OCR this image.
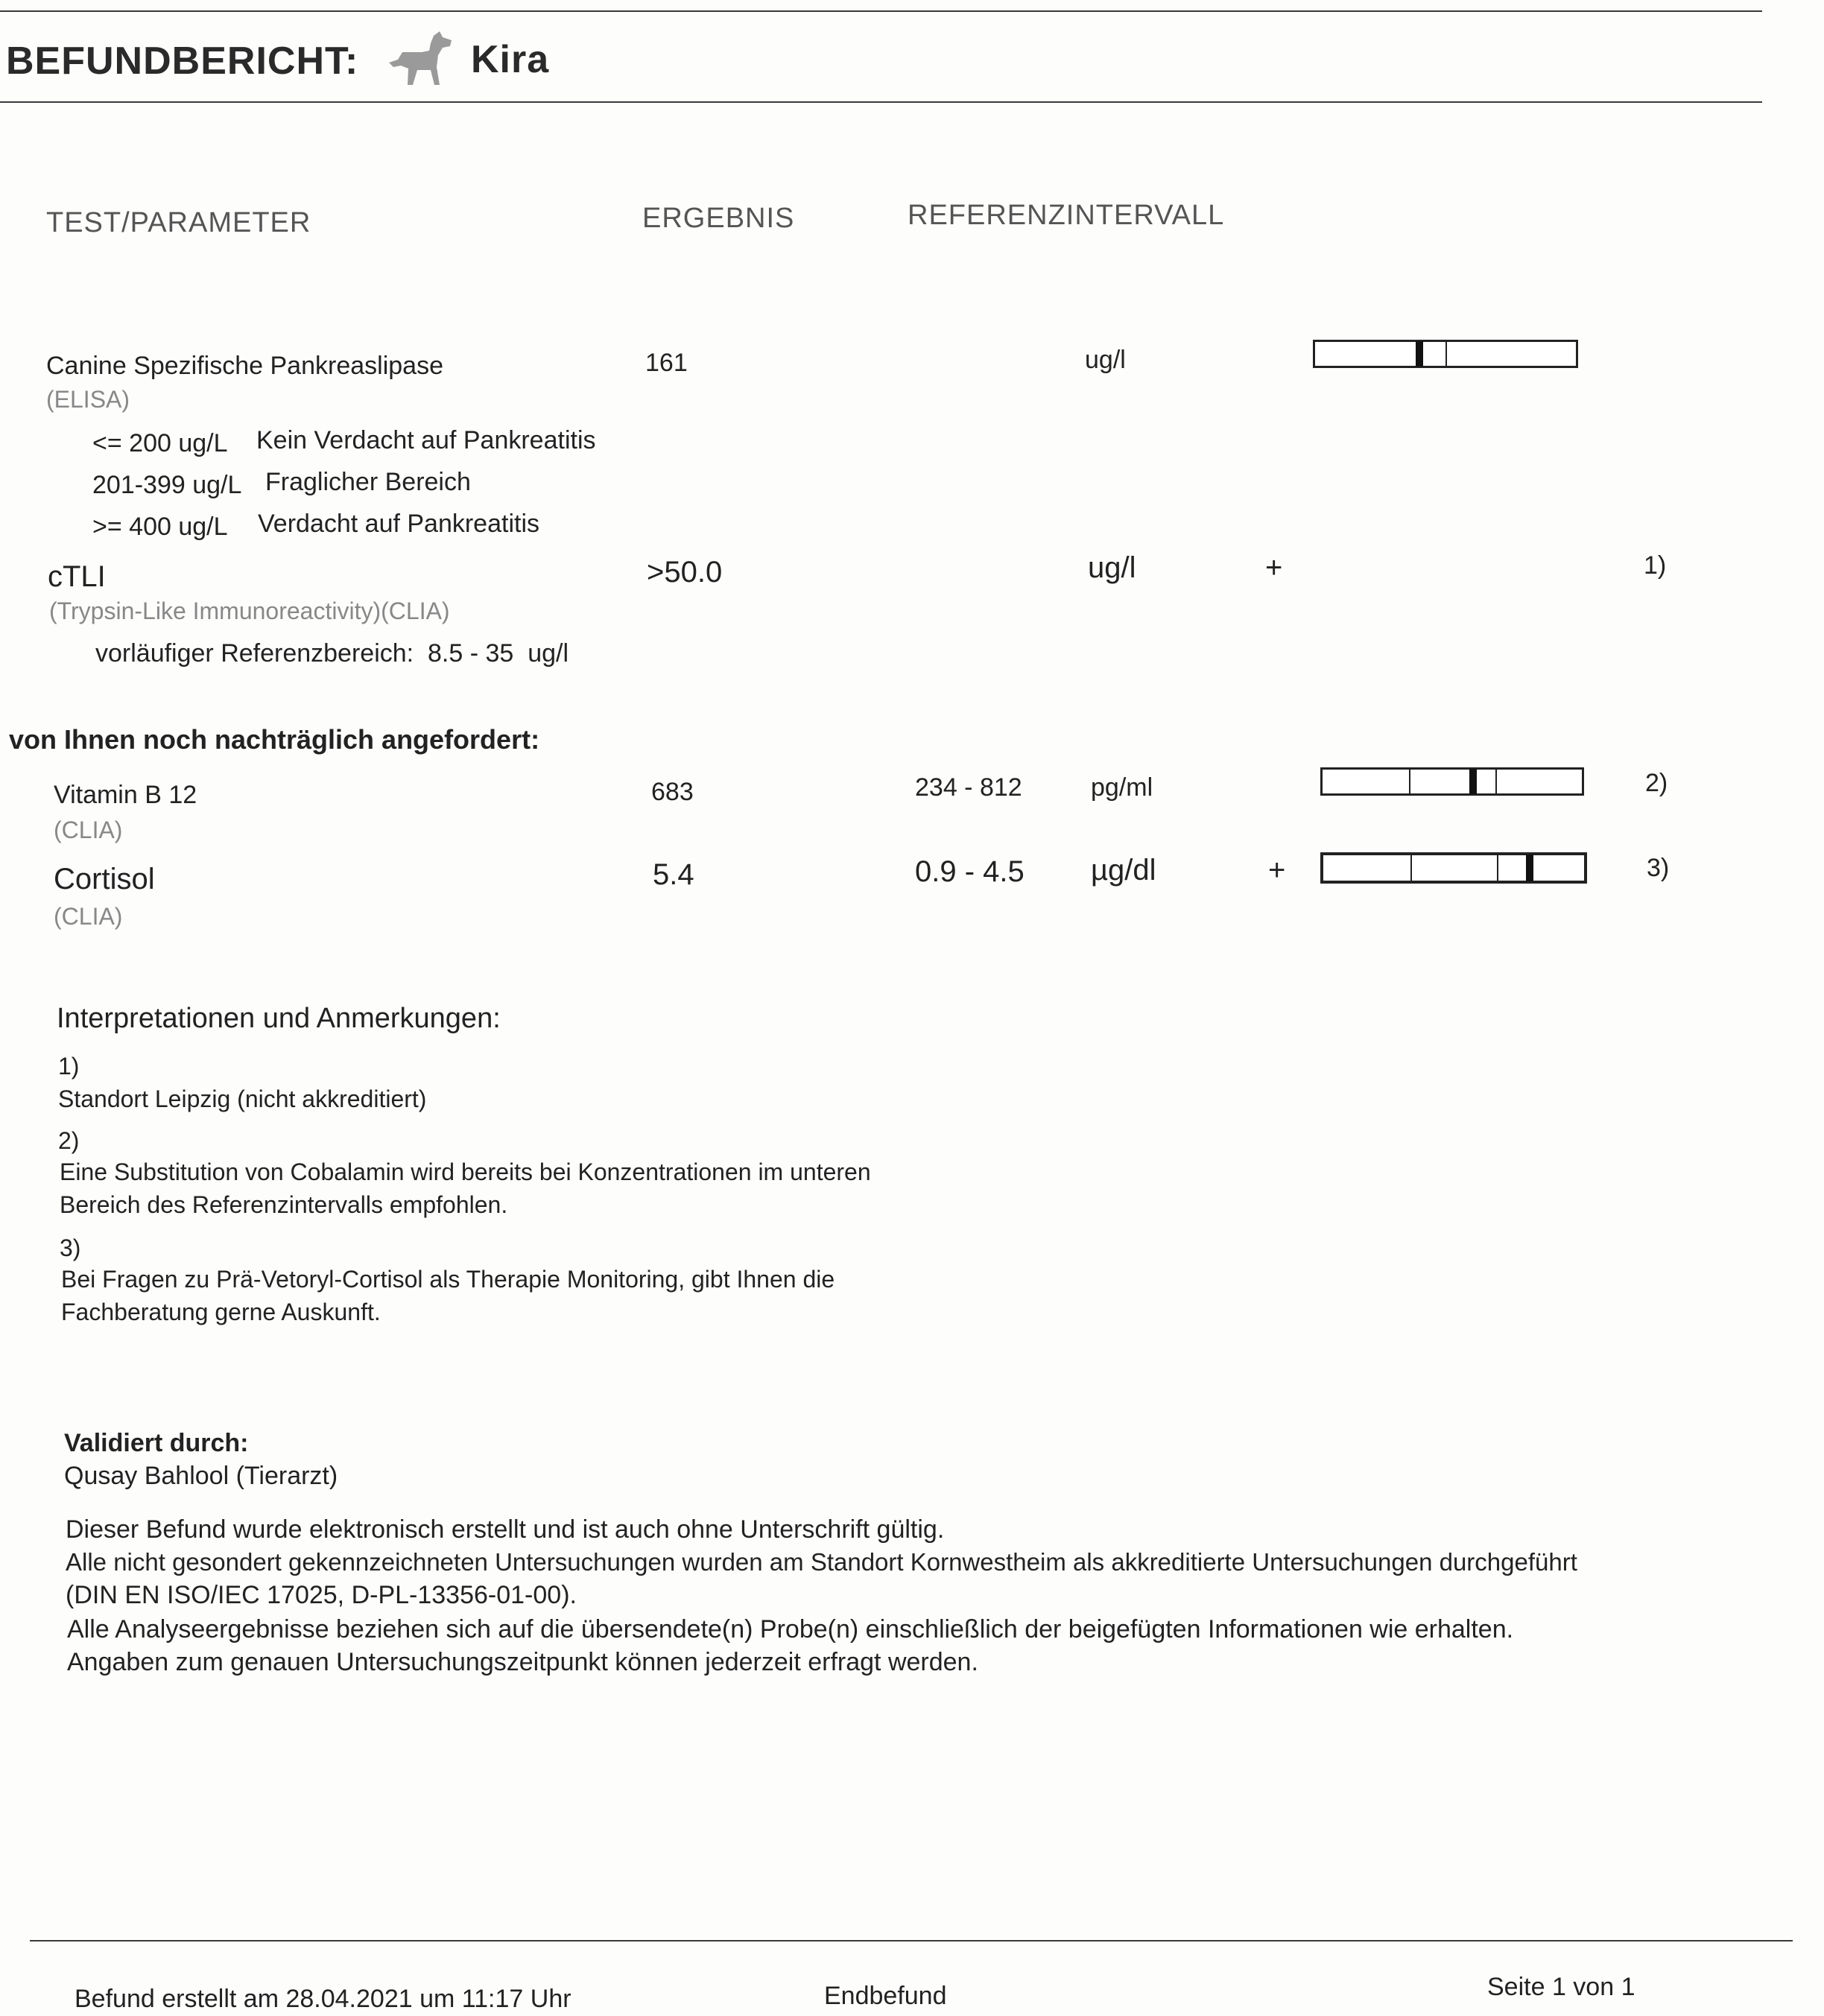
BEFUNDBERICHT:	Kira
TEST/PARAMETER	ERGEBNIS	REFERENZINTERVALL
Canine Spezifische Pankreaslipase
(ELISA)
161	ug/l
<= 200 ug/L Kein Verdacht auf Pankreatitis
201-399 ug/L Fraglicher Bereich
>= 400 ug/L Verdacht auf Pankreatitis
cTLI
(Trypsin-Like Immunoreactivity)(CLIA)
>50.0	ug/l	+	1)
vorläufiger Referenzbereich:  8.5 - 35  ug/l
von Ihnen noch nachträglich angefordert:
Vitamin B 12
(CLIA)
683	234 - 812	pg/ml	2)
Cortisol
(CLIA)
5.4	0.9 - 4.5 µg/dl	+	3)
Interpretationen und Anmerkungen:
1)
Standort Leipzig (nicht akkreditiert)
2)
Eine Substitution von Cobalamin wird bereits bei Konzentrationen im unteren
Bereich des Referenzintervalls empfohlen.
3)
Bei Fragen zu Prä-Vetoryl-Cortisol als Therapie Monitoring, gibt Ihnen die
Fachberatung gerne Auskunft.
Validiert durch:
Qusay Bahlool (Tierarzt)
Dieser Befund wurde elektronisch erstellt und ist auch ohne Unterschrift gültig.
Alle nicht gesondert gekennzeichneten Untersuchungen wurden am Standort Kornwestheim als akkreditierte Untersuchungen durchgeführt
(DIN EN ISO/IEC 17025, D-PL-13356-01-00).
Alle Analyseergebnisse beziehen sich auf die übersendete(n) Probe(n) einschließlich der beigefügten Informationen wie erhalten.
Angaben zum genauen Untersuchungszeitpunkt können jederzeit erfragt werden.
Befund erstellt am 28.04.2021 um 11:17 Uhr	Endbefund	Seite 1 von 1
